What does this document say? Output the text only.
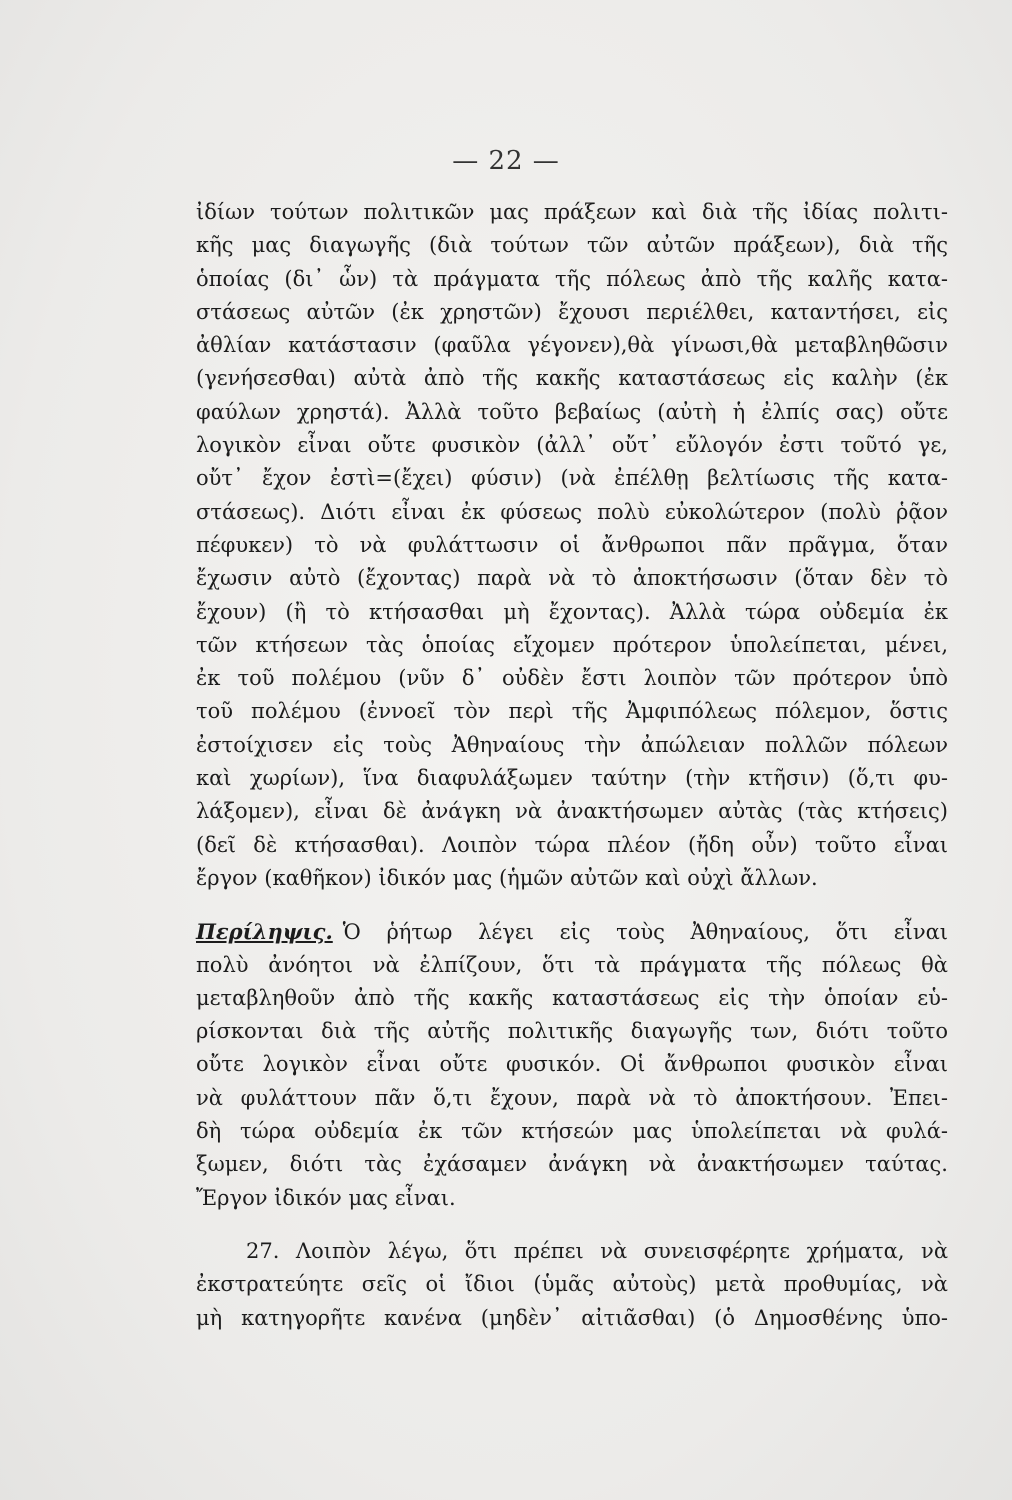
— 22 —
ἰδίων τούτων πολιτικῶν μας πράξεων καὶ διὰ τῆς ἰδίας πολιτι-
κῆς μας διαγωγῆς (διὰ τούτων τῶν αὐτῶν πράξεων), διὰ τῆς
ὁποίας (δι᾽ ὧν) τὰ πράγματα τῆς πόλεως ἀπὸ τῆς καλῆς κατα-
στάσεως αὐτῶν (ἐκ χρηστῶν) ἔχουσι περιέλθει, καταντήσει, εἰς
ἀθλίαν κατάστασιν (φαῦλα γέγονεν),θὰ γίνωσι,θὰ μεταβληθῶσιν
(γενήσεσθαι) αὐτὰ ἀπὸ τῆς κακῆς καταστάσεως εἰς καλὴν (ἐκ
φαύλων χρηστά). Ἀλλὰ τοῦτο βεβαίως (αὐτὴ ἡ ἐλπίς σας) οὔτε
λογικὸν εἶναι οὔτε φυσικὸν (ἀλλ᾽ οὔτ᾽ εὔλογόν ἐστι τοῦτό γε,
οὔτ᾽ ἔχον ἐστὶ=(ἔχει) φύσιν) (νὰ ἐπέλθῃ βελτίωσις τῆς κατα-
στάσεως). Διότι εἶναι ἐκ φύσεως πολὺ εὐκολώτερον (πολὺ ῥᾷον
πέφυκεν) τὸ νὰ φυλάττωσιν οἱ ἄνθρωποι πᾶν πρᾶγμα, ὅταν
ἔχωσιν αὐτὸ (ἔχοντας) παρὰ νὰ τὸ ἀποκτήσωσιν (ὅταν δὲν τὸ
ἔχουν) (ἢ τὸ κτήσασθαι μὴ ἔχοντας). Ἀλλὰ τώρα οὐδεμία ἐκ
τῶν κτήσεων τὰς ὁποίας εἴχομεν πρότερον ὑπολείπεται, μένει,
ἐκ τοῦ πολέμου (νῦν δ᾽ οὐδὲν ἔστι λοιπὸν τῶν πρότερον ὑπὸ
τοῦ πολέμου (ἐννοεῖ τὸν περὶ τῆς Ἀμφιπόλεως πόλεμον, ὅστις
ἐστοίχισεν εἰς τοὺς Ἀθηναίους τὴν ἀπώλειαν πολλῶν πόλεων
καὶ χωρίων), ἵνα διαφυλάξωμεν ταύτην (τὴν κτῆσιν) (ὅ,τι φυ-
λάξομεν), εἶναι δὲ ἀνάγκη νὰ ἀνακτήσωμεν αὐτὰς (τὰς κτήσεις)
(δεῖ δὲ κτήσασθαι). Λοιπὸν τώρα πλέον (ἤδη οὖν) τοῦτο εἶναι
ἔργον (καθῆκον) ἰδικόν μας (ἡμῶν αὐτῶν καὶ οὐχὶ ἄλλων.
Περίληψις. Ὁ ῥήτωρ λέγει εἰς τοὺς Ἀθηναίους, ὅτι εἶναι
πολὺ ἀνόητοι νὰ ἐλπίζουν, ὅτι τὰ πράγματα τῆς πόλεως θὰ
μεταβληθοῦν ἀπὸ τῆς κακῆς καταστάσεως εἰς τὴν ὁποίαν εὑ-
ρίσκονται διὰ τῆς αὐτῆς πολιτικῆς διαγωγῆς των, διότι τοῦτο
οὔτε λογικὸν εἶναι οὔτε φυσικόν. Οἱ ἄνθρωποι φυσικὸν εἶναι
νὰ φυλάττουν πᾶν ὅ,τι ἔχουν, παρὰ νὰ τὸ ἀποκτήσουν. Ἐπει-
δὴ τώρα οὐδεμία ἐκ τῶν κτήσεών μας ὑπολείπεται νὰ φυλά-
ξωμεν, διότι τὰς ἐχάσαμεν ἀνάγκη νὰ ἀνακτήσωμεν ταύτας.
Ἔργον ἰδικόν μας εἶναι.
27. Λοιπὸν λέγω, ὅτι πρέπει νὰ συνεισφέρητε χρήματα, νὰ
ἐκστρατεύητε σεῖς οἱ ἴδιοι (ὑμᾶς αὐτοὺς) μετὰ προθυμίας, νὰ
μὴ κατηγορῆτε κανένα (μηδὲν᾽ αἰτιᾶσθαι) (ὁ Δημοσθένης ὑπο-
